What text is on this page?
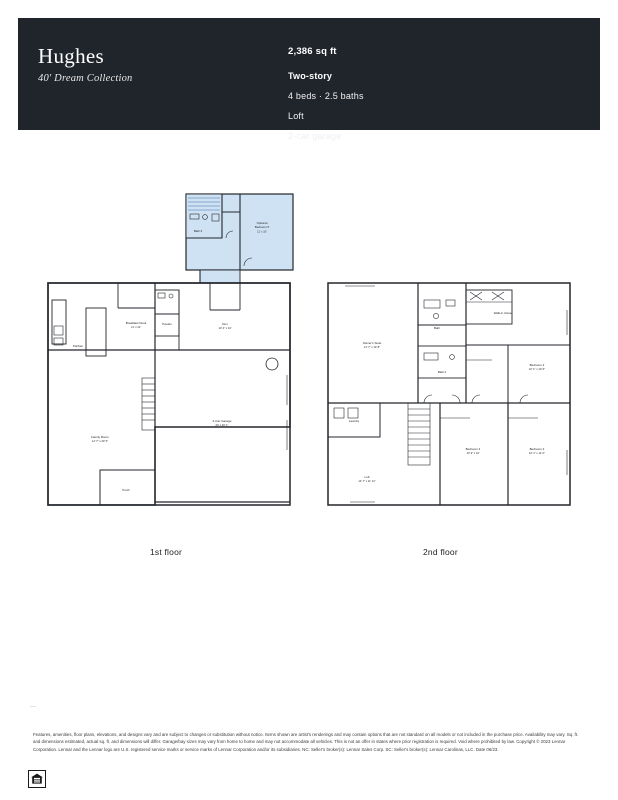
Hughes
40' Dream Collection
2,386 sq ft
Two-story
4 beds · 2.5 baths
Loft
2-car garage
Bath 3
Optional
Bedroom 5
11' x 10'
Kitchen
Breakfast Nook
11' x 10'
Powder	Den
10' 4" x 10'
Family Room
14' 7" x 20' 6"
2-Car Garage
20' x 20' 1"
Porch
Owner's Suite
14' 7" x 13' 8"
Bath
Walk-in Closet
Bath 2
Bedroom 2
10' 1" x 10' 6"
Bedroom 3
10' 1" x 11' 0"
Bedroom 4
10' 9" x 10'
Loft
14' 7" x 11' 11"
Laundry
1st floor	2nd floor
Features, amenities, floor plans, elevations, and designs vary and are subject to changes or substitution without notice. Items shown are artist's renderings and may contain options that are not standard on all models or not included in the purchase price. Availability may vary. Sq. ft. and dimensions estimated, actual sq. ft. and dimensions will differ. Garage/bay sizes may vary from home to home and may not accommodate all vehicles. This is not an offer in states where prior registration is required. Void where prohibited by law. Copyright © 2023 Lennar Corporation. Lennar and the Lennar logo are U.S. registered service marks or service marks of Lennar Corporation and/or its subsidiaries. NC: Seller's broker(s): Lennar Sales Corp. SC: Seller's broker(s): Lennar Carolinas, LLC. Date 06/23.
